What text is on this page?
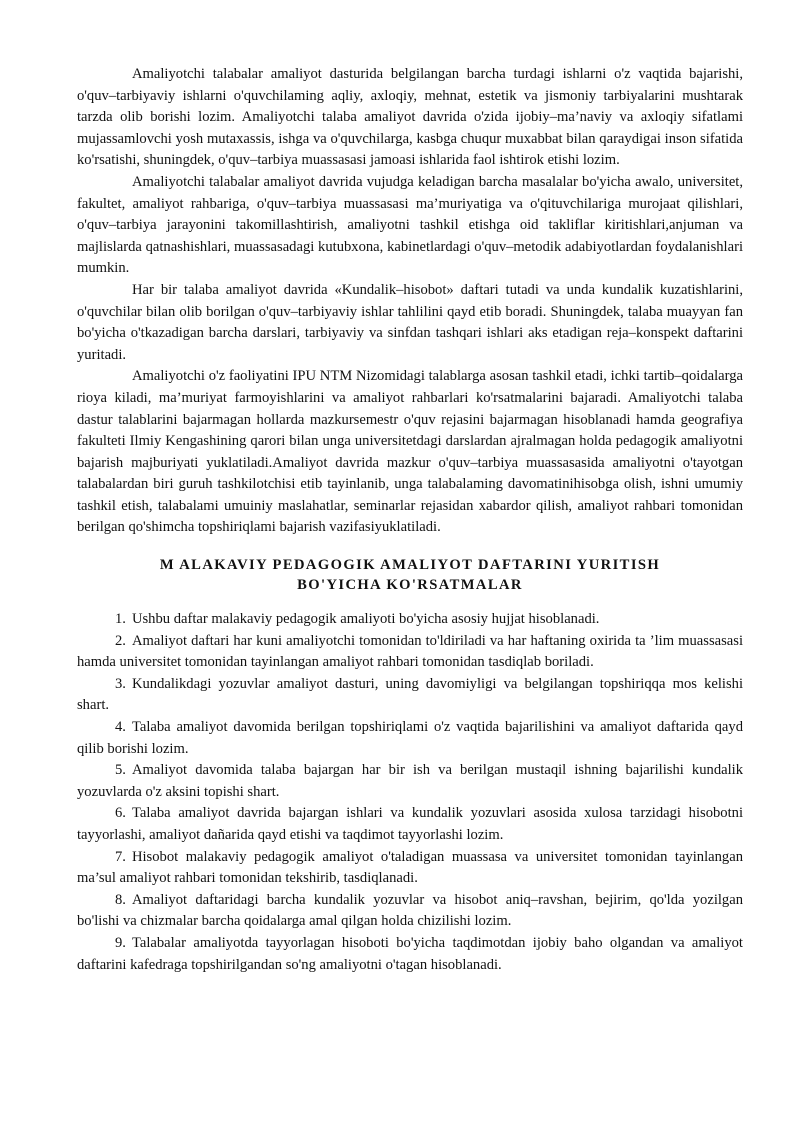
Amaliyotchi talabalar amaliyot dasturida belgilangan barcha turdagi ishlarni o'z vaqtida bajarishi, o'quv–tarbiyaviy ishlarni o'quvchilaming aqliy, axloqiy, mehnat, estetik va jismoniy tarbiyalarini mushtarak tarzda olib borishi lozim. Amaliyotchi talaba amaliyot davrida o'zida ijobiy–ma’naviy va axloqiy sifatlami mujassamlovchi yosh mutaxassis, ishga va o'quvchilarga, kasbga chuqur muxabbat bilan qaraydigai inson sifatida ko'rsatishi, shuningdek, o'quv–tarbiya muassasasi jamoasi ishlarida faol ishtirok etishi lozim.

Amaliyotchi talabalar amaliyot davrida vujudga keladigan barcha masalalar bo'yicha awalo, universitet, fakultet, amaliyot rahbariga, o'quv–tarbiya muassasasi ma’muriyatiga va o'qituvchilariga murojaat qilishlari, o'quv–tarbiya jarayonini takomillashtirish, amaliyotni tashkil etishga oid takliflar kiritishlari,anjuman va majlislarda qatnashishlari, muassasadagi kutubxona, kabinetlardagi o'quv–metodik adabiyotlardan foydalanishlari mumkin.

Har bir talaba amaliyot davrida «Kundalik–hisobot» daftari tutadi va unda kundalik kuzatishlarini, o'quvchilar bilan olib borilgan o'quv–tarbiyaviy ishlar tahlilini qayd etib boradi. Shuningdek, talaba muayyan fan bo'yicha o'tkazadigan barcha darslari, tarbiyaviy va sinfdan tashqari ishlari aks etadigan reja–konspekt daftarini yuritadi.

Amaliyotchi o'z faoliyatini IPU NTM Nizomidagi talablarga asosan tashkil etadi, ichki tartib–qoidalarga rioya kiladi, ma’muriyat farmoyishlarini va amaliyot rahbarlari ko'rsatmalarini bajaradi. Amaliyotchi talaba dastur talablarini bajarmagan hollarda mazkursemestr o'quv rejasini bajarmagan hisoblanadi hamda geografiya fakulteti Ilmiy Kengashining qarori bilan unga universitetdagi darslardan ajralmagan holda pedagogik amaliyotni bajarish majburiyati yuklatiladi.Amaliyot davrida mazkur o'quv–tarbiya muassasasida amaliyotni o'tayotgan talabalardan biri guruh tashkilotchisi etib tayinlanib, unga talabalaming davomatinihisobga olish, ishni umumiy tashkil etish, talabalami umuiniy maslahatlar, seminarlar rejasidan xabardor qilish, amaliyot rahbari tomonidan berilgan qo'shimcha topshiriqlami bajarish vazifasiyuklatiladi.

M ALAKAVIY PEDAGOGIK AMALIYOT DAFTARINI YURITISH
BO'YICHA KO'RSATMALAR

1. Ushbu daftar malakaviy pedagogik amaliyoti bo'yicha asosiy hujjat hisoblanadi.

2. Amaliyot daftari har kuni amaliyotchi tomonidan to'ldiriladi va har haftaning oxirida ta ’lim muassasasi hamda universitet tomonidan tayinlangan amaliyot rahbari tomonidan tasdiqlab boriladi.

3. Kundalikdagi yozuvlar amaliyot dasturi, uning davomiyligi va belgilangan topshiriqqa mos kelishi shart.

4. Talaba amaliyot davomida berilgan topshiriqlami o'z vaqtida bajarilishini va amaliyot daftarida qayd qilib borishi lozim.

5. Amaliyot davomida talaba bajargan har bir ish va berilgan mustaqil ishning bajarilishi kundalik yozuvlarda o'z aksini topishi shart.

6. Talaba amaliyot davrida bajargan ishlari va kundalik yozuvlari asosida xulosa tarzidagi hisobotni tayyorlashi, amaliyot dañarida qayd etishi va taqdimot tayyorlashi lozim.

7. Hisobot malakaviy pedagogik amaliyot o'taladigan muassasa va universitet tomonidan tayinlangan ma’sul amaliyot rahbari tomonidan tekshirib, tasdiqlanadi.

8. Amaliyot daftaridagi barcha kundalik yozuvlar va hisobot aniq–ravshan, bejirim, qo'lda yozilgan bo'lishi va chizmalar barcha qoidalarga amal qilgan holda chizilishi lozim.

9. Talabalar amaliyotda tayyorlagan hisoboti bo'yicha taqdimotdan ijobiy baho olgandan va amaliyot daftarini kafedraga topshirilgandan so'ng amaliyotni o'tagan hisoblanadi.
